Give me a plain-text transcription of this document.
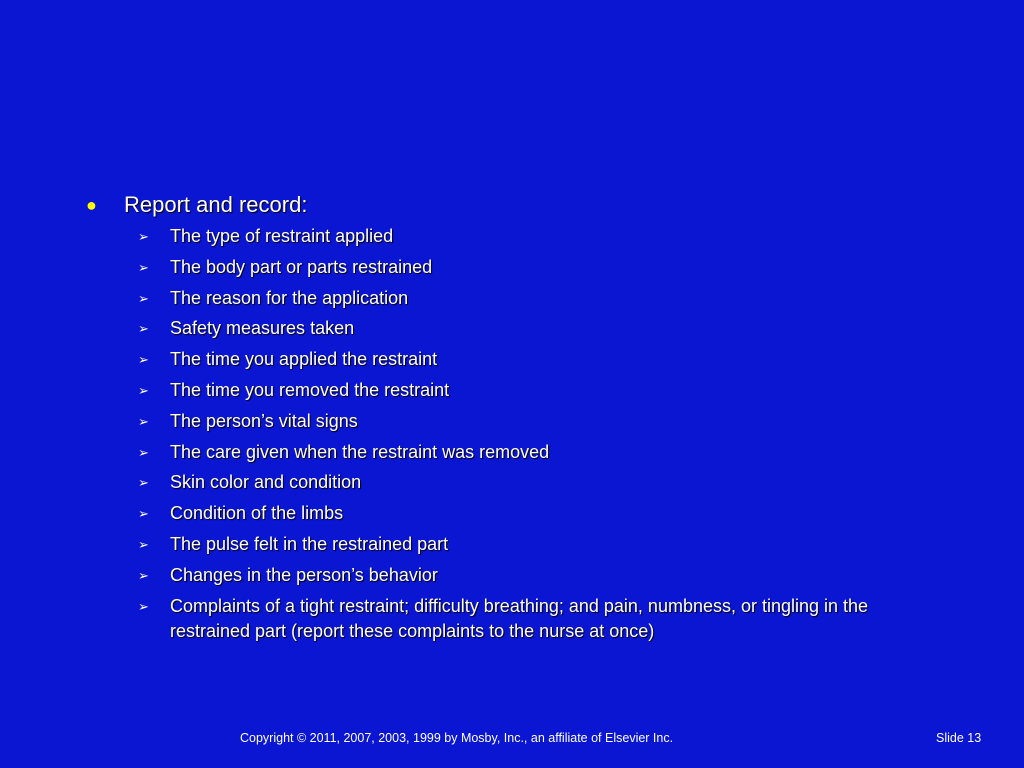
●	Report and record:
➢	The type of restraint applied
➢	The body part or parts restrained
➢	The reason for the application
➢	Safety measures taken
➢	The time you applied the restraint
➢	The time you removed the restraint
➢	The person’s vital signs
➢	The care given when the restraint was removed
➢	Skin color and condition
➢	Condition of the limbs
➢	The pulse felt in the restrained part
➢	Changes in the person’s behavior
➢	Complaints of a tight restraint; difficulty breathing; and pain, numbness, or tingling in the restrained part (report these complaints to the nurse at once)
Copyright © 2011, 2007, 2003, 1999 by Mosby, Inc., an affiliate of Elsevier Inc.	Slide 13
